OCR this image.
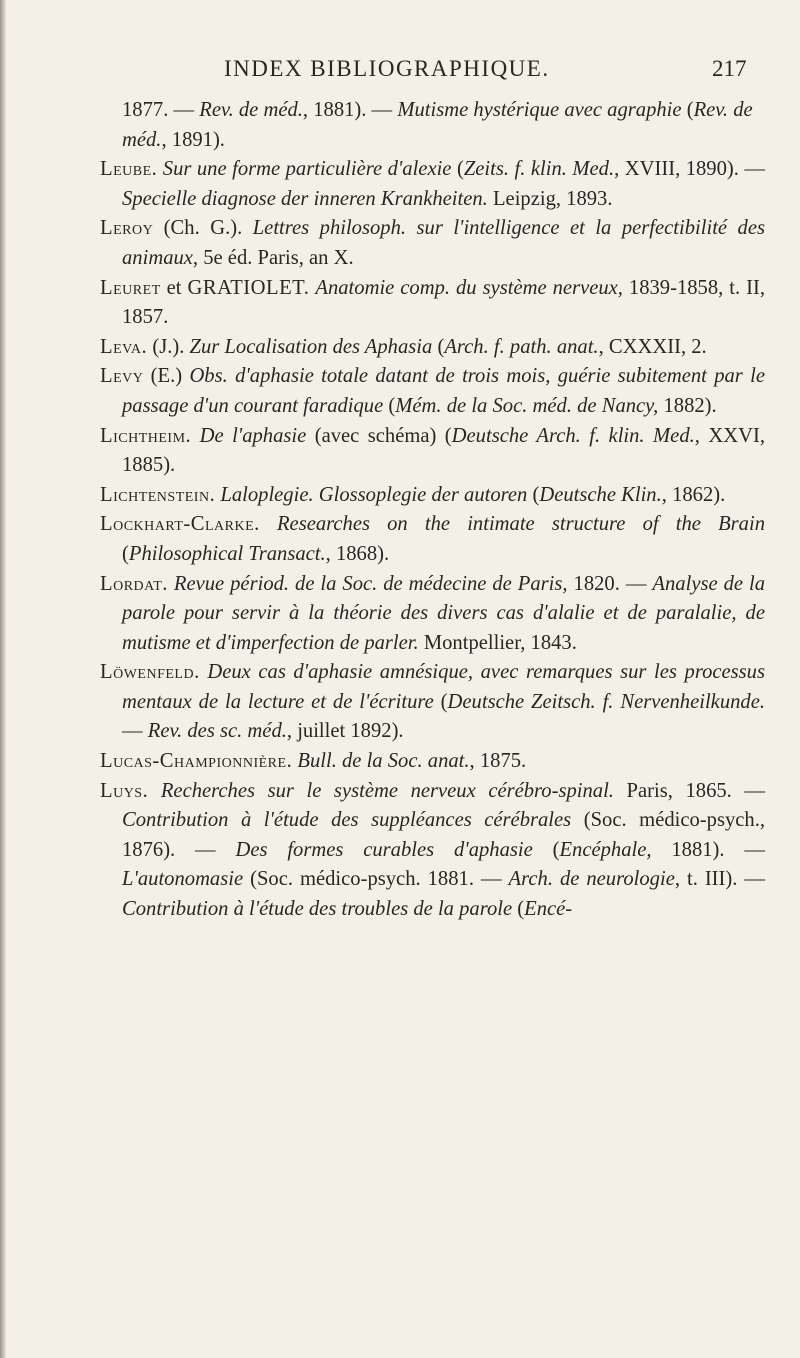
INDEX BIBLIOGRAPHIQUE.	217

1877. — Rev. de méd., 1881). — Mutisme hystérique avec agraphie (Rev. de méd., 1891).

Leube. Sur une forme particulière d'alexie (Zeits. f. klin. Med., XVIII, 1890). — Specielle diagnose der inneren Krankheiten. Leipzig, 1893.

Leroy (Ch. G.). Lettres philosoph. sur l'intelligence et la perfectibilité des animaux, 5e éd. Paris, an X.

Leuret et GRATIOLET. Anatomie comp. du système nerveux, 1839-1858, t. II, 1857.

Leva. (J.). Zur Localisation des Aphasia (Arch. f. path. anat., CXXXII, 2.

Levy (E.) Obs. d'aphasie totale datant de trois mois, guérie subitement par le passage d'un courant faradique (Mém. de la Soc. méd. de Nancy, 1882).

Lichtheim. De l'aphasie (avec schéma) (Deutsche Arch. f. klin. Med., XXVI, 1885).

Lichtenstein. Laloplegie. Glossoplegie der autoren (Deutsche Klin., 1862).

Lockhart-Clarke. Researches on the intimate structure of the Brain (Philosophical Transact., 1868).

Lordat. Revue périod. de la Soc. de médecine de Paris, 1820. — Analyse de la parole pour servir à la théorie des divers cas d'alalie et de paralalie, de mutisme et d'imperfection de parler. Montpellier, 1843.

Löwenfeld. Deux cas d'aphasie amnésique, avec remarques sur les processus mentaux de la lecture et de l'écriture (Deutsche Zeitsch. f. Nervenheilkunde. — Rev. des sc. méd., juillet 1892).

Lucas-Championnière. Bull. de la Soc. anat., 1875.

Luys. Recherches sur le système nerveux cérébro-spinal. Paris, 1865. — Contribution à l'étude des suppléances cérébrales (Soc. médico-psych., 1876). — Des formes curables d'aphasie (Encéphale, 1881). — L'autonomasie (Soc. médico-psych. 1881. — Arch. de neurologie, t. III). — Contribution à l'étude des troubles de la parole (Encé-
